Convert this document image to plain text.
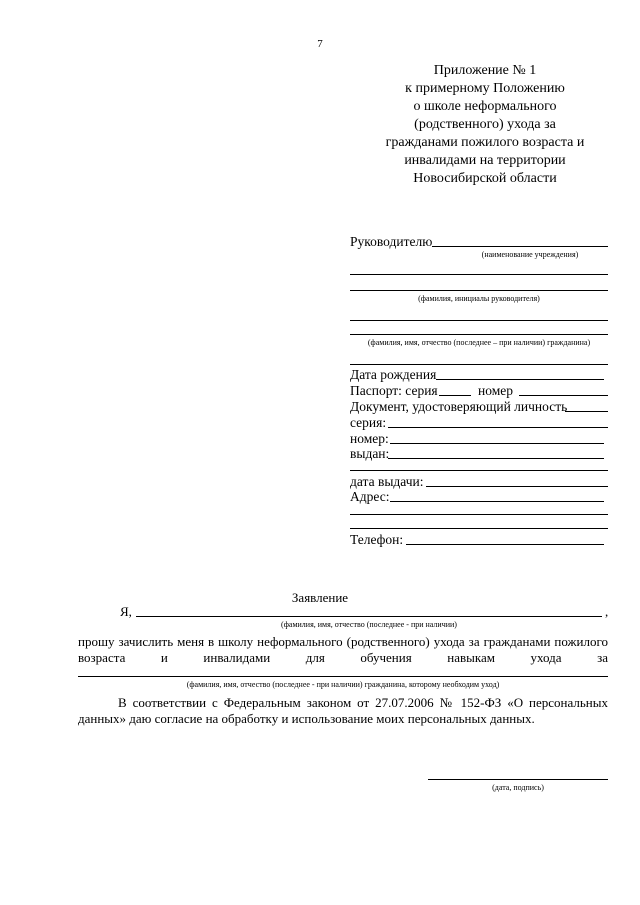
7
Приложение № 1
к примерному Положению
о школе неформального
(родственного) ухода за
гражданами пожилого возраста и
инвалидами на территории
Новосибирской области
Руководителю
(наименование учреждения)
(фамилия, инициалы руководителя)
(фамилия, имя, отчество (последнее – при наличии) гражданина)
Дата рождения
Паспорт: серия	номер
Документ, удостоверяющий личность
серия:
номер:
выдан:
дата выдачи:
Адрес:
Телефон:
Заявление
Я,	,
(фамилия, имя, отчество (последнее - при наличии)
прошу зачислить меня в школу неформального (родственного) ухода за гражданами пожилого
возраста и инвалидами для обучения навыкам ухода за
(фамилия, имя, отчество (последнее - при наличии) гражданина, которому необходим уход)
В соответствии с Федеральным законом от 27.07.2006 № 152-ФЗ «О персональных
данных» даю согласие на обработку и использование моих персональных данных.
(дата, подпись)
